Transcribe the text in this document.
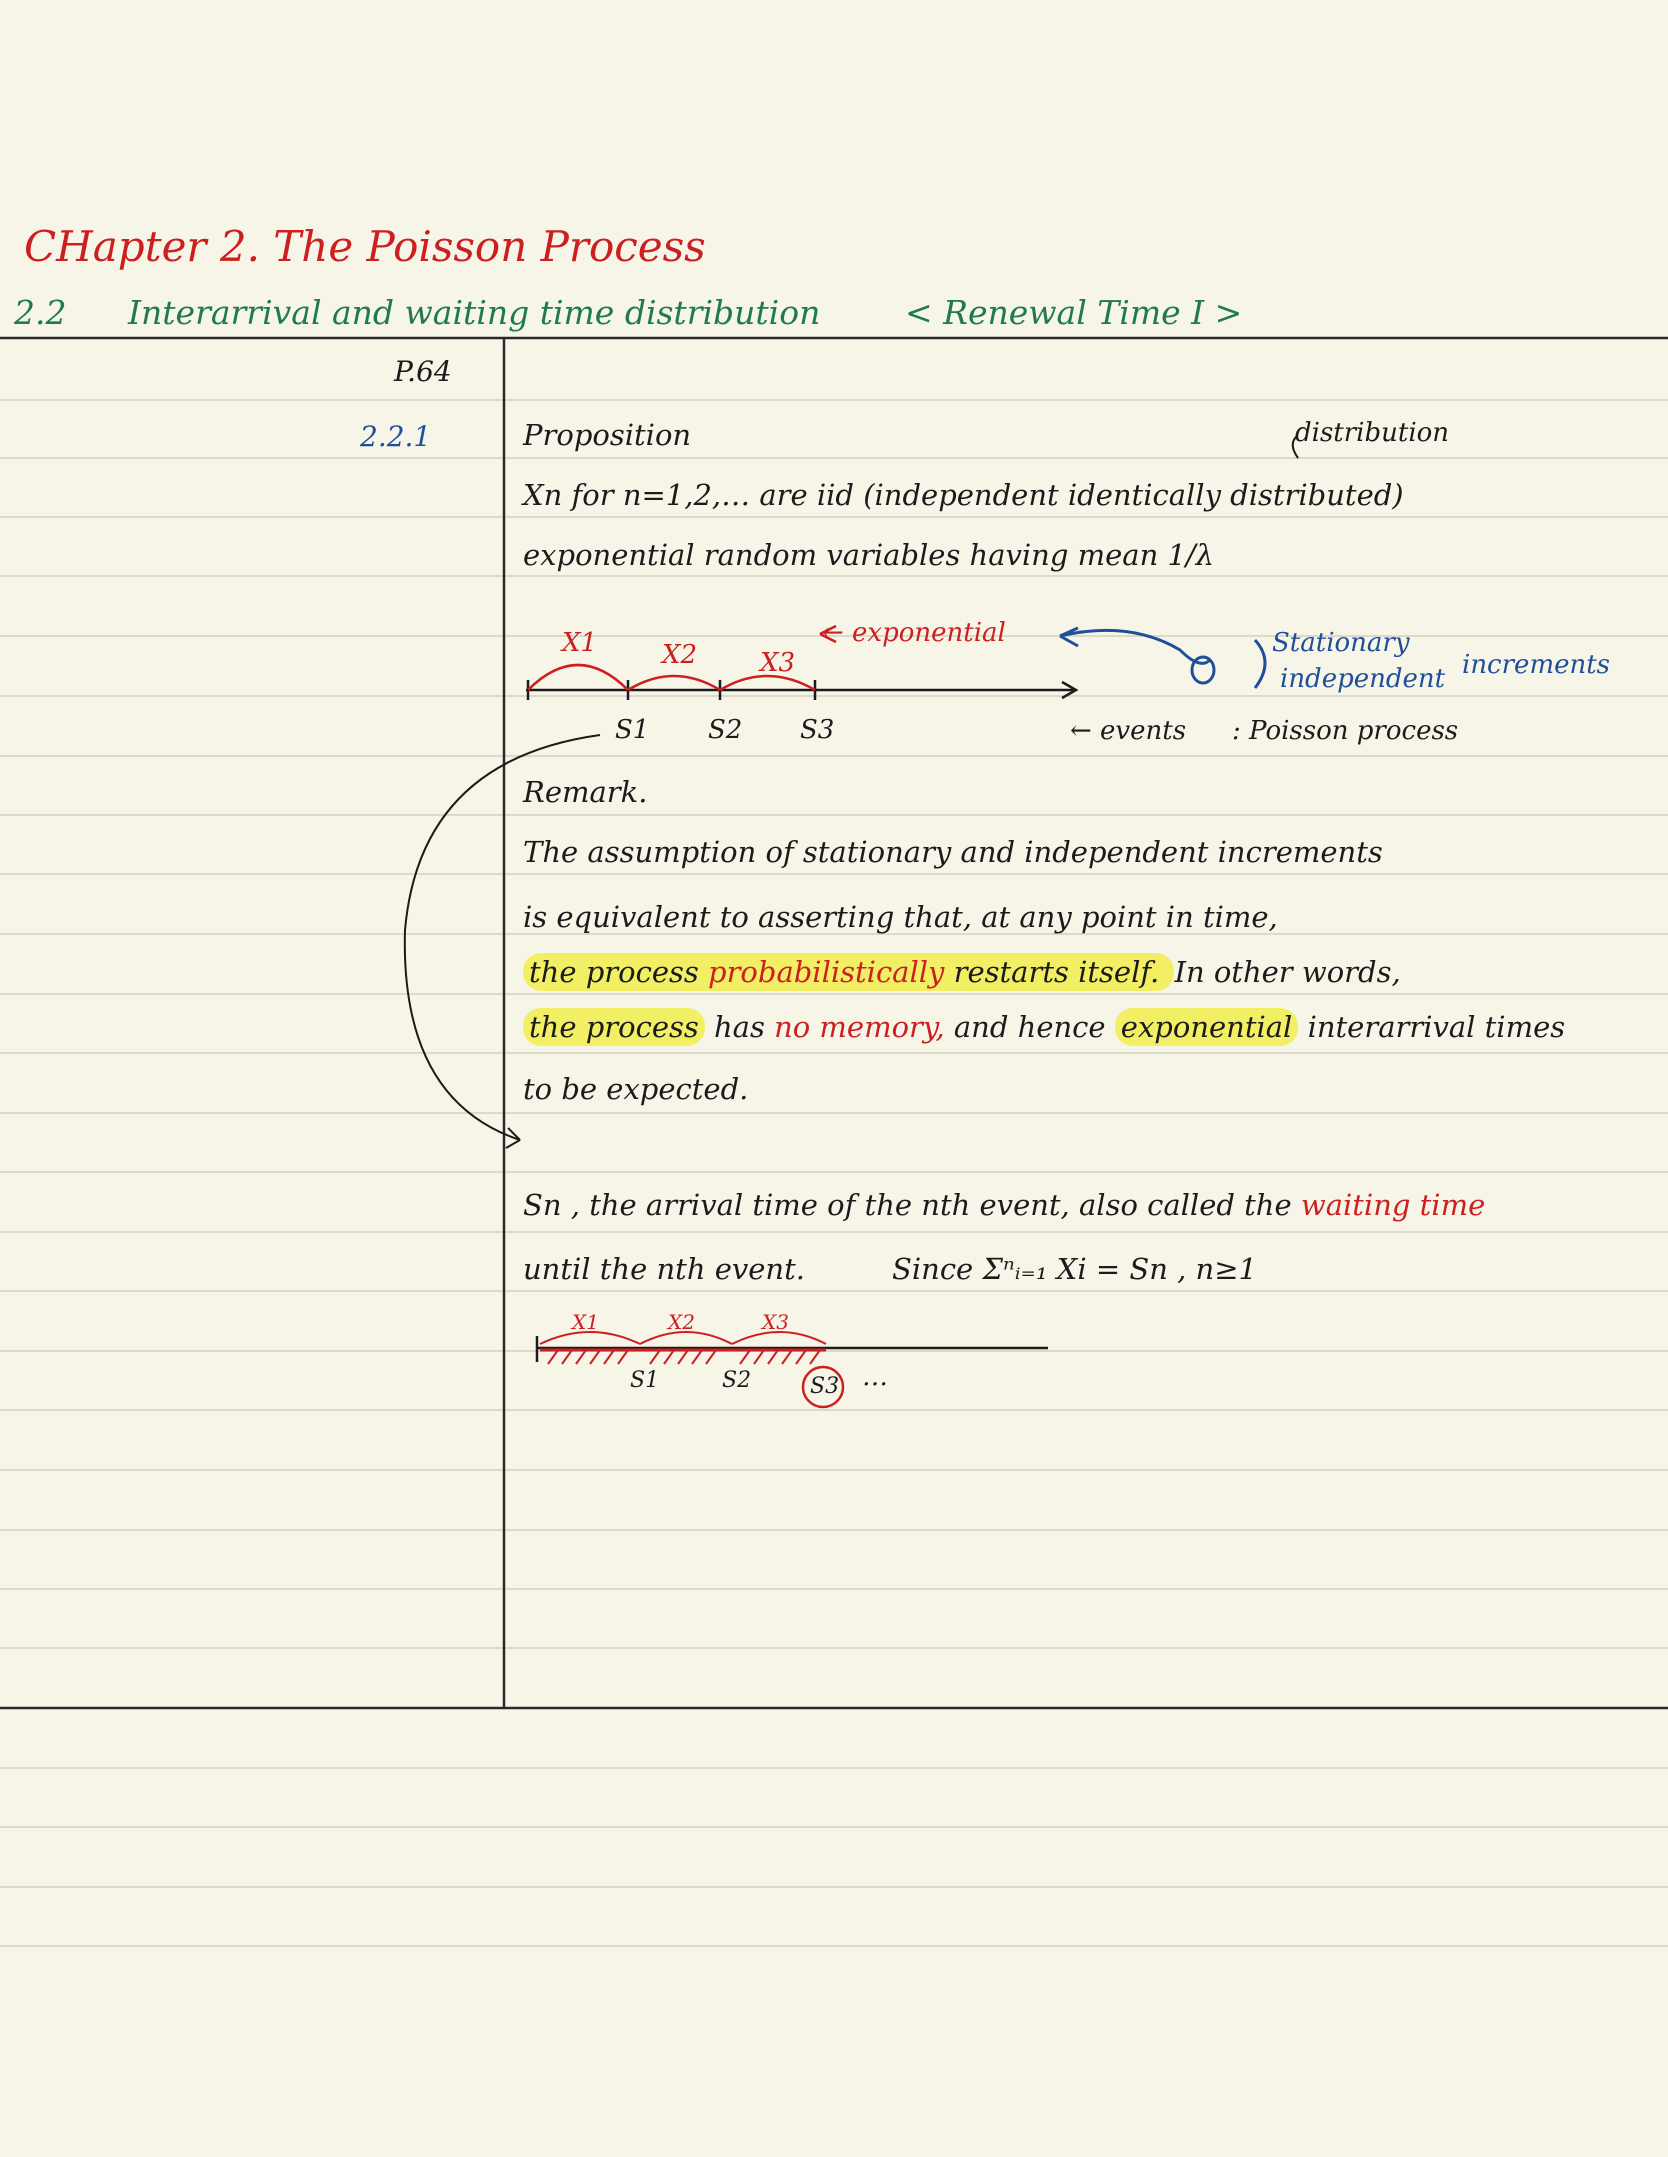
CHapter 2. The Poisson Process
2.2 Interarrival and waiting time distribution	< Renewal Time I >
P.64
2.2.1	Proposition	distribution
Xn for n=1,2,… are iid (independent identically distributed)
exponential random variables having mean 1/λ
X1 X2 X3
S1 S2 S3
← exponential
← events : Poisson process
Stationary
independent increments
Remark.
The assumption of stationary and independent increments
is equivalent to asserting that, at any point in time,
the process probabilistically restarts itself. In other words,
the process has no memory, and hence exponential interarrival times
to be expected.
Sn , the arrival time of the nth event, also called the waiting time
until the nth event.	Since Σⁿᵢ₌₁ Xi = Sn , n≥1
X1	X2	X3
S1	S2	S3 …
